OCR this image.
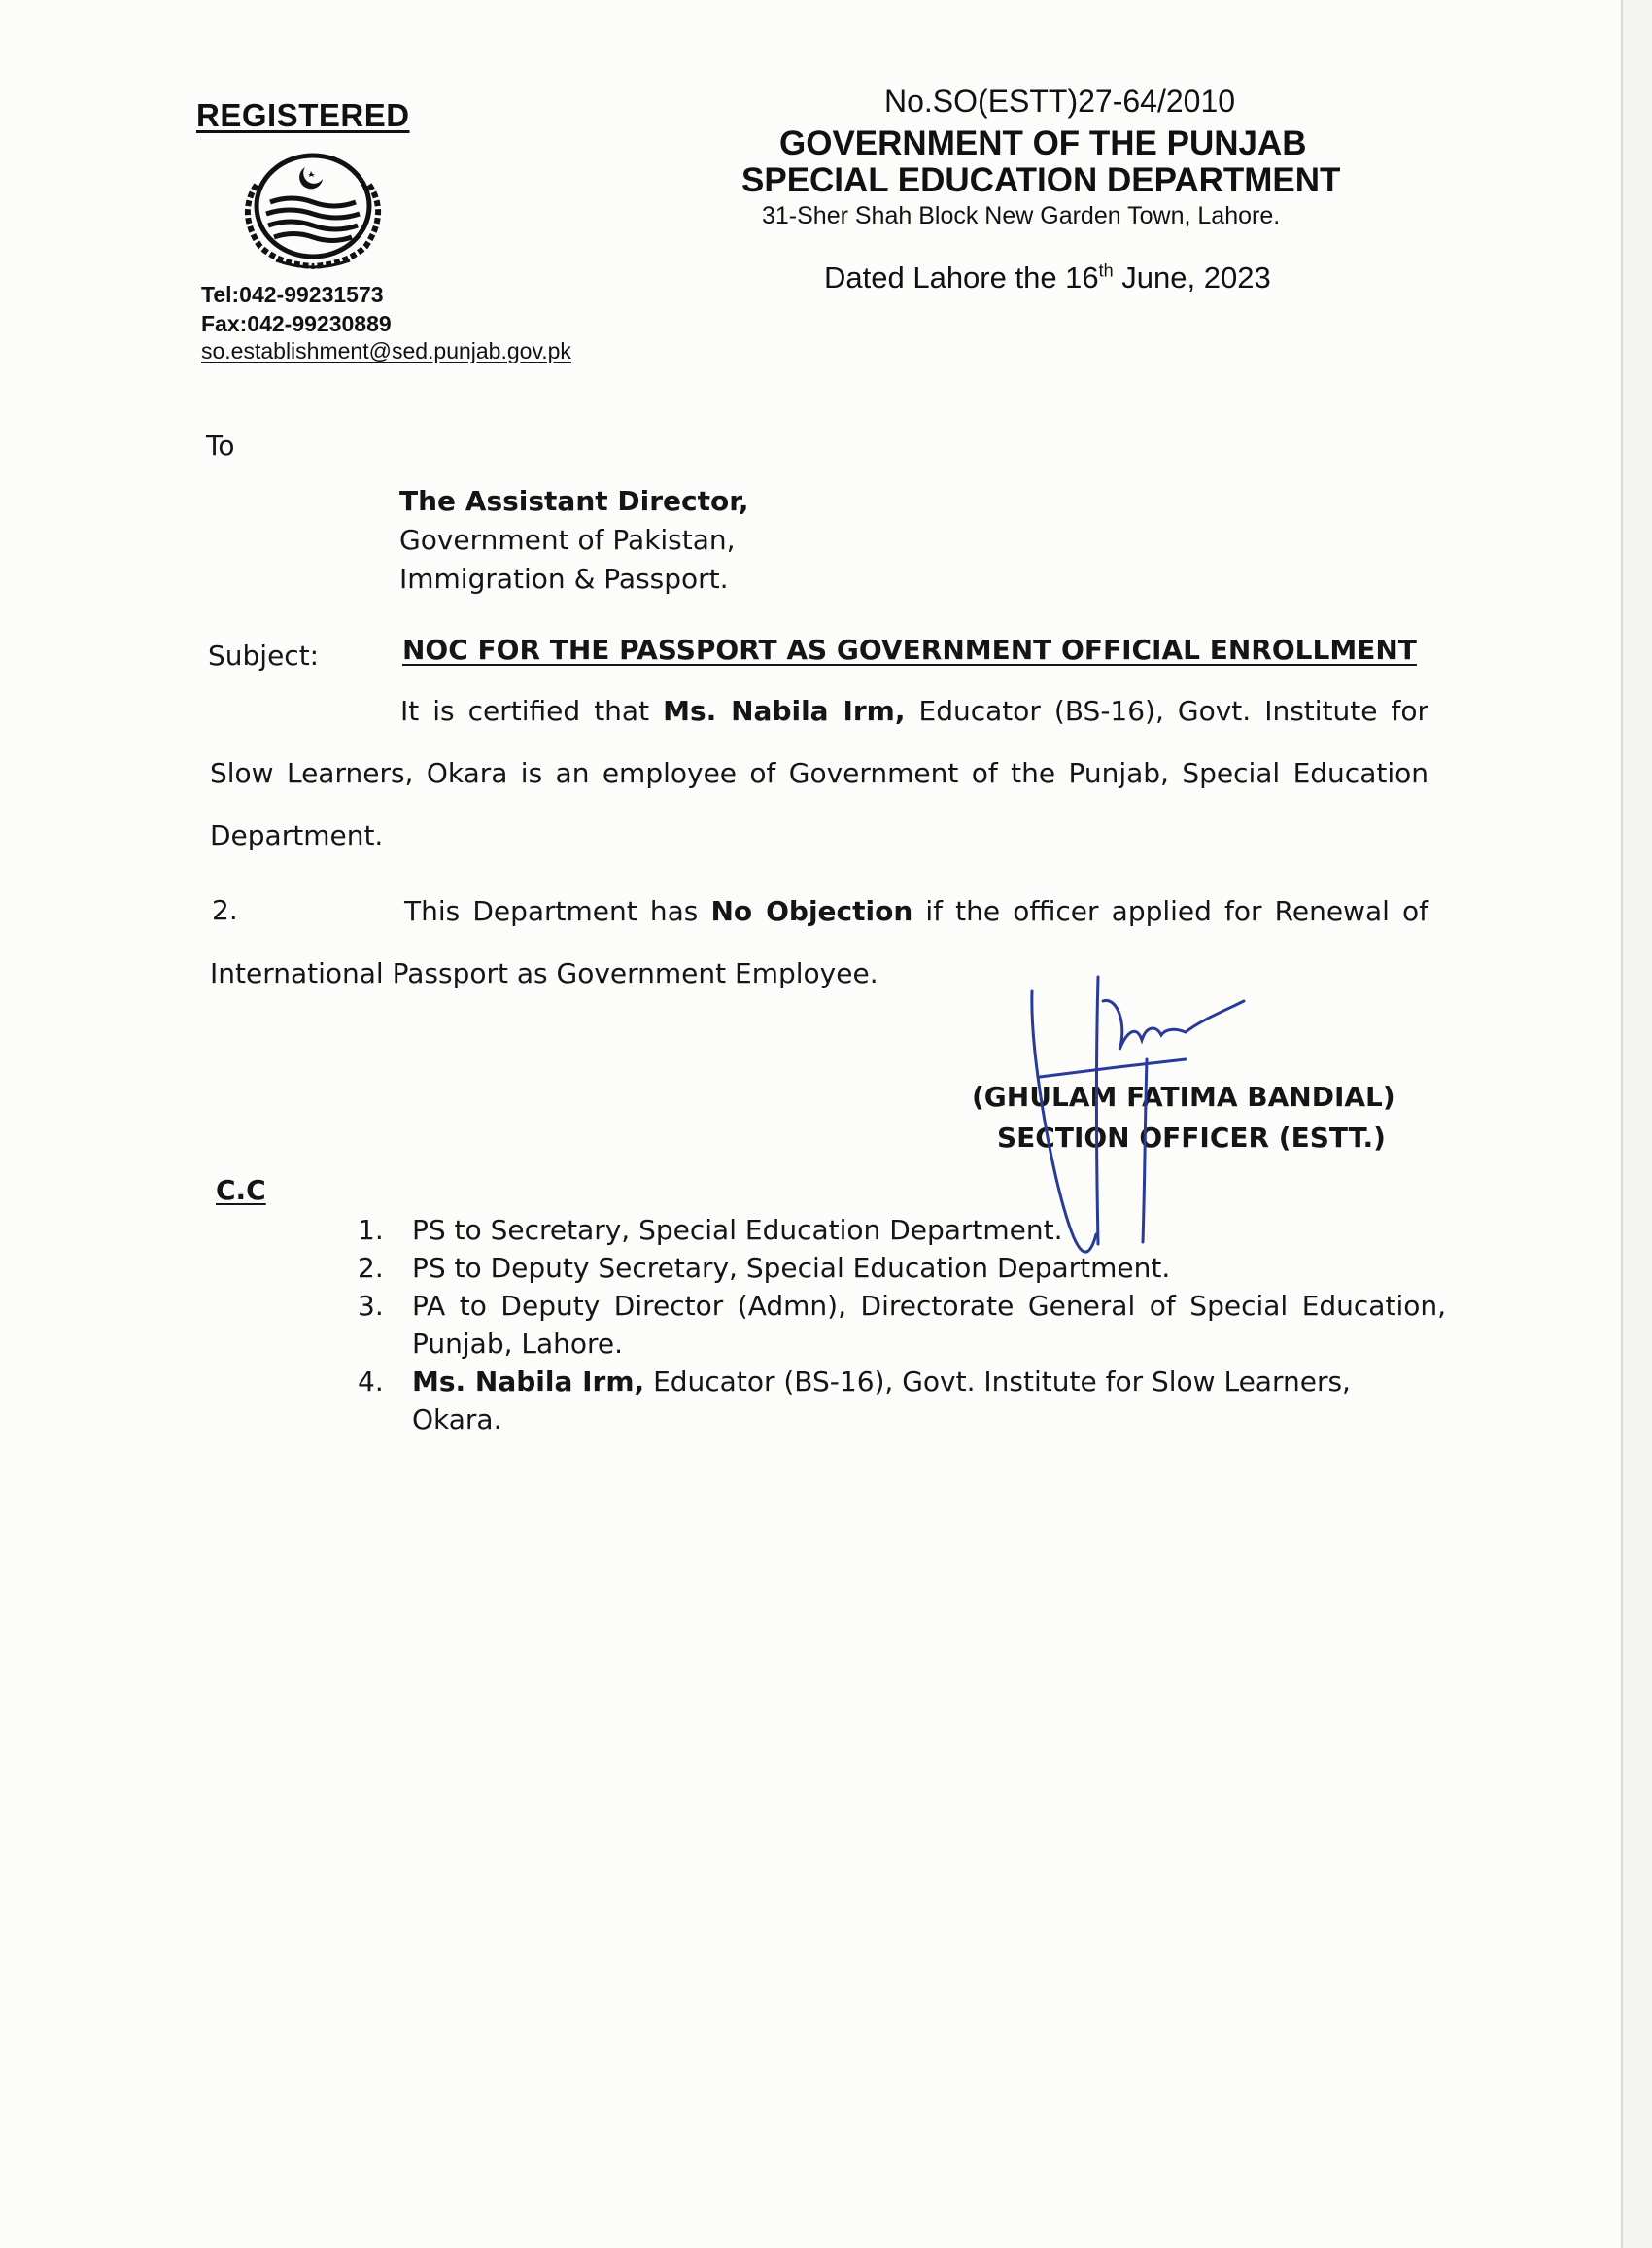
REGISTERED
Tel:042-99231573
Fax:042-99230889
so.establishment@sed.punjab.gov.pk
No.SO(ESTT)27-64/2010
GOVERNMENT OF THE PUNJAB
SPECIAL EDUCATION DEPARTMENT
31-Sher Shah Block New Garden Town, Lahore.
Dated Lahore the 16th June, 2023
To
The Assistant Director,
Government of Pakistan,
Immigration & Passport.
Subject:	NOC FOR THE PASSPORT AS GOVERNMENT OFFICIAL ENROLLMENT
It is certified that Ms. Nabila Irm, Educator (BS-16), Govt. Institute for Slow Learners, Okara is an employee of Government of the Punjab, Special Education Department.
2.	This Department has No Objection if the officer applied for Renewal of International Passport as Government Employee.
(GHULAM FATIMA BANDIAL)
SECTION OFFICER (ESTT.)
C.C
1. PS to Secretary, Special Education Department.
2. PS to Deputy Secretary, Special Education Department.
3. PA to Deputy Director (Admn), Directorate General of Special Education, Punjab, Lahore.
4. Ms. Nabila Irm, Educator (BS-16), Govt. Institute for Slow Learners, Okara.
